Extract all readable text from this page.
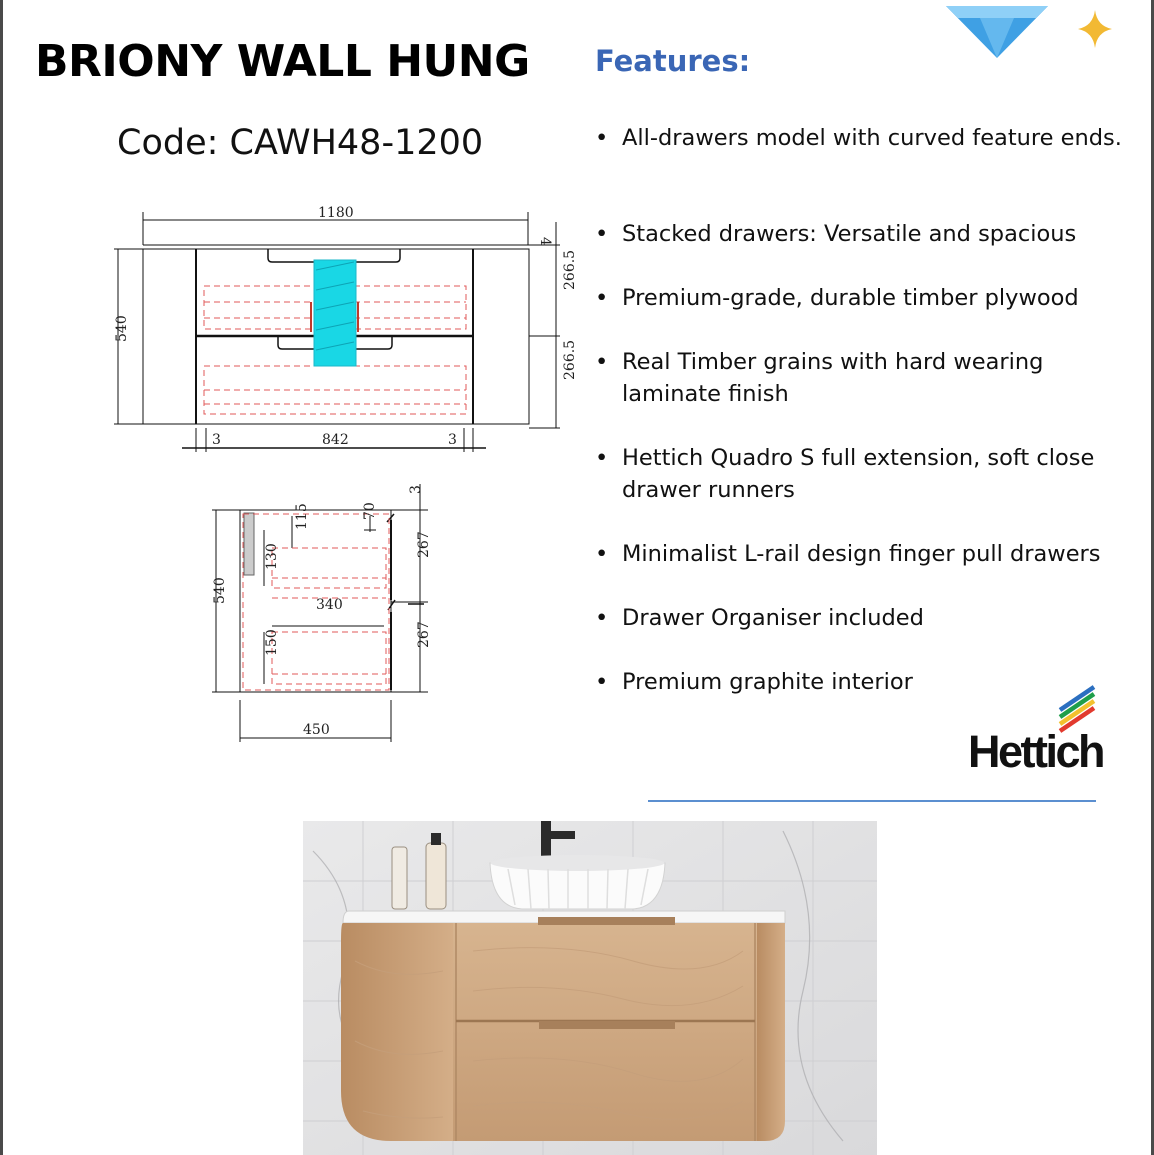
BRIONY WALL HUNG
Code: CAWH48-1200
Features:
• All-drawers model with curved feature ends.
• Stacked drawers: Versatile and spacious
• Premium-grade, durable timber plywood
• Real Timber grains with hard wearing laminate finish
• Hettich Quadro S full extension, soft close drawer runners
• Minimalist L-rail design finger pull drawers
• Drawer Organiser included
• Premium graphite interior
1180
540
4
266.5
266.5
3	842	3
540
3
267
267
115	70
130
340
150
450	Hettich
